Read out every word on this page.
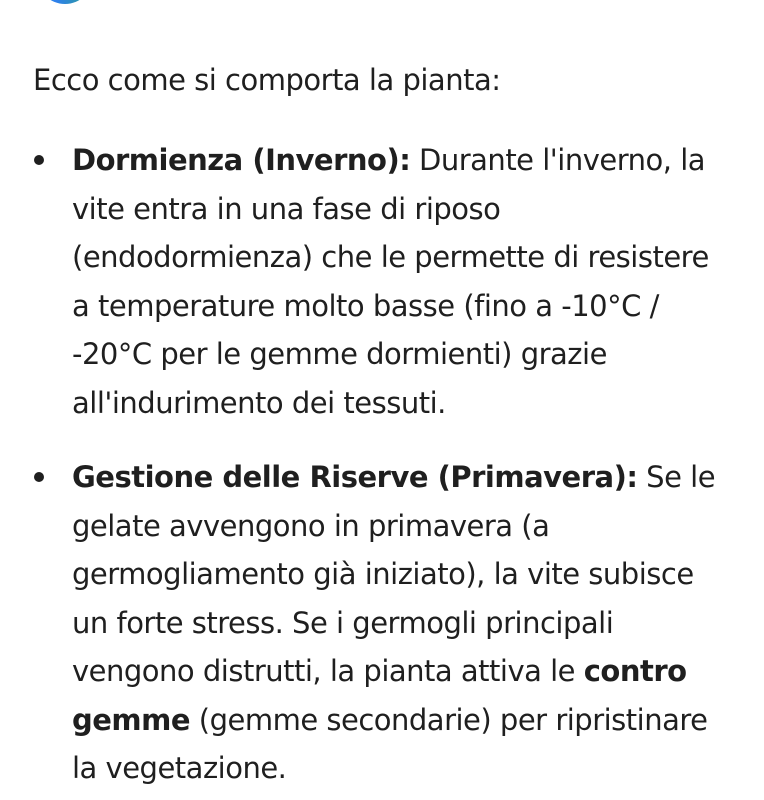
Ecco come si comporta la pianta:

Dormienza (Inverno): Durante l'inverno, la
vite entra in una fase di riposo
(endodormienza) che le permette di resistere
a temperature molto basse (fino a -10°C /
-20°C per le gemme dormienti) grazie
all'indurimento dei tessuti.
Gestione delle Riserve (Primavera): Se le
gelate avvengono in primavera (a
germogliamento già iniziato), la vite subisce
un forte stress. Se i germogli principali
vengono distrutti, la pianta attiva le contro
gemme (gemme secondarie) per ripristinare
la vegetazione.
